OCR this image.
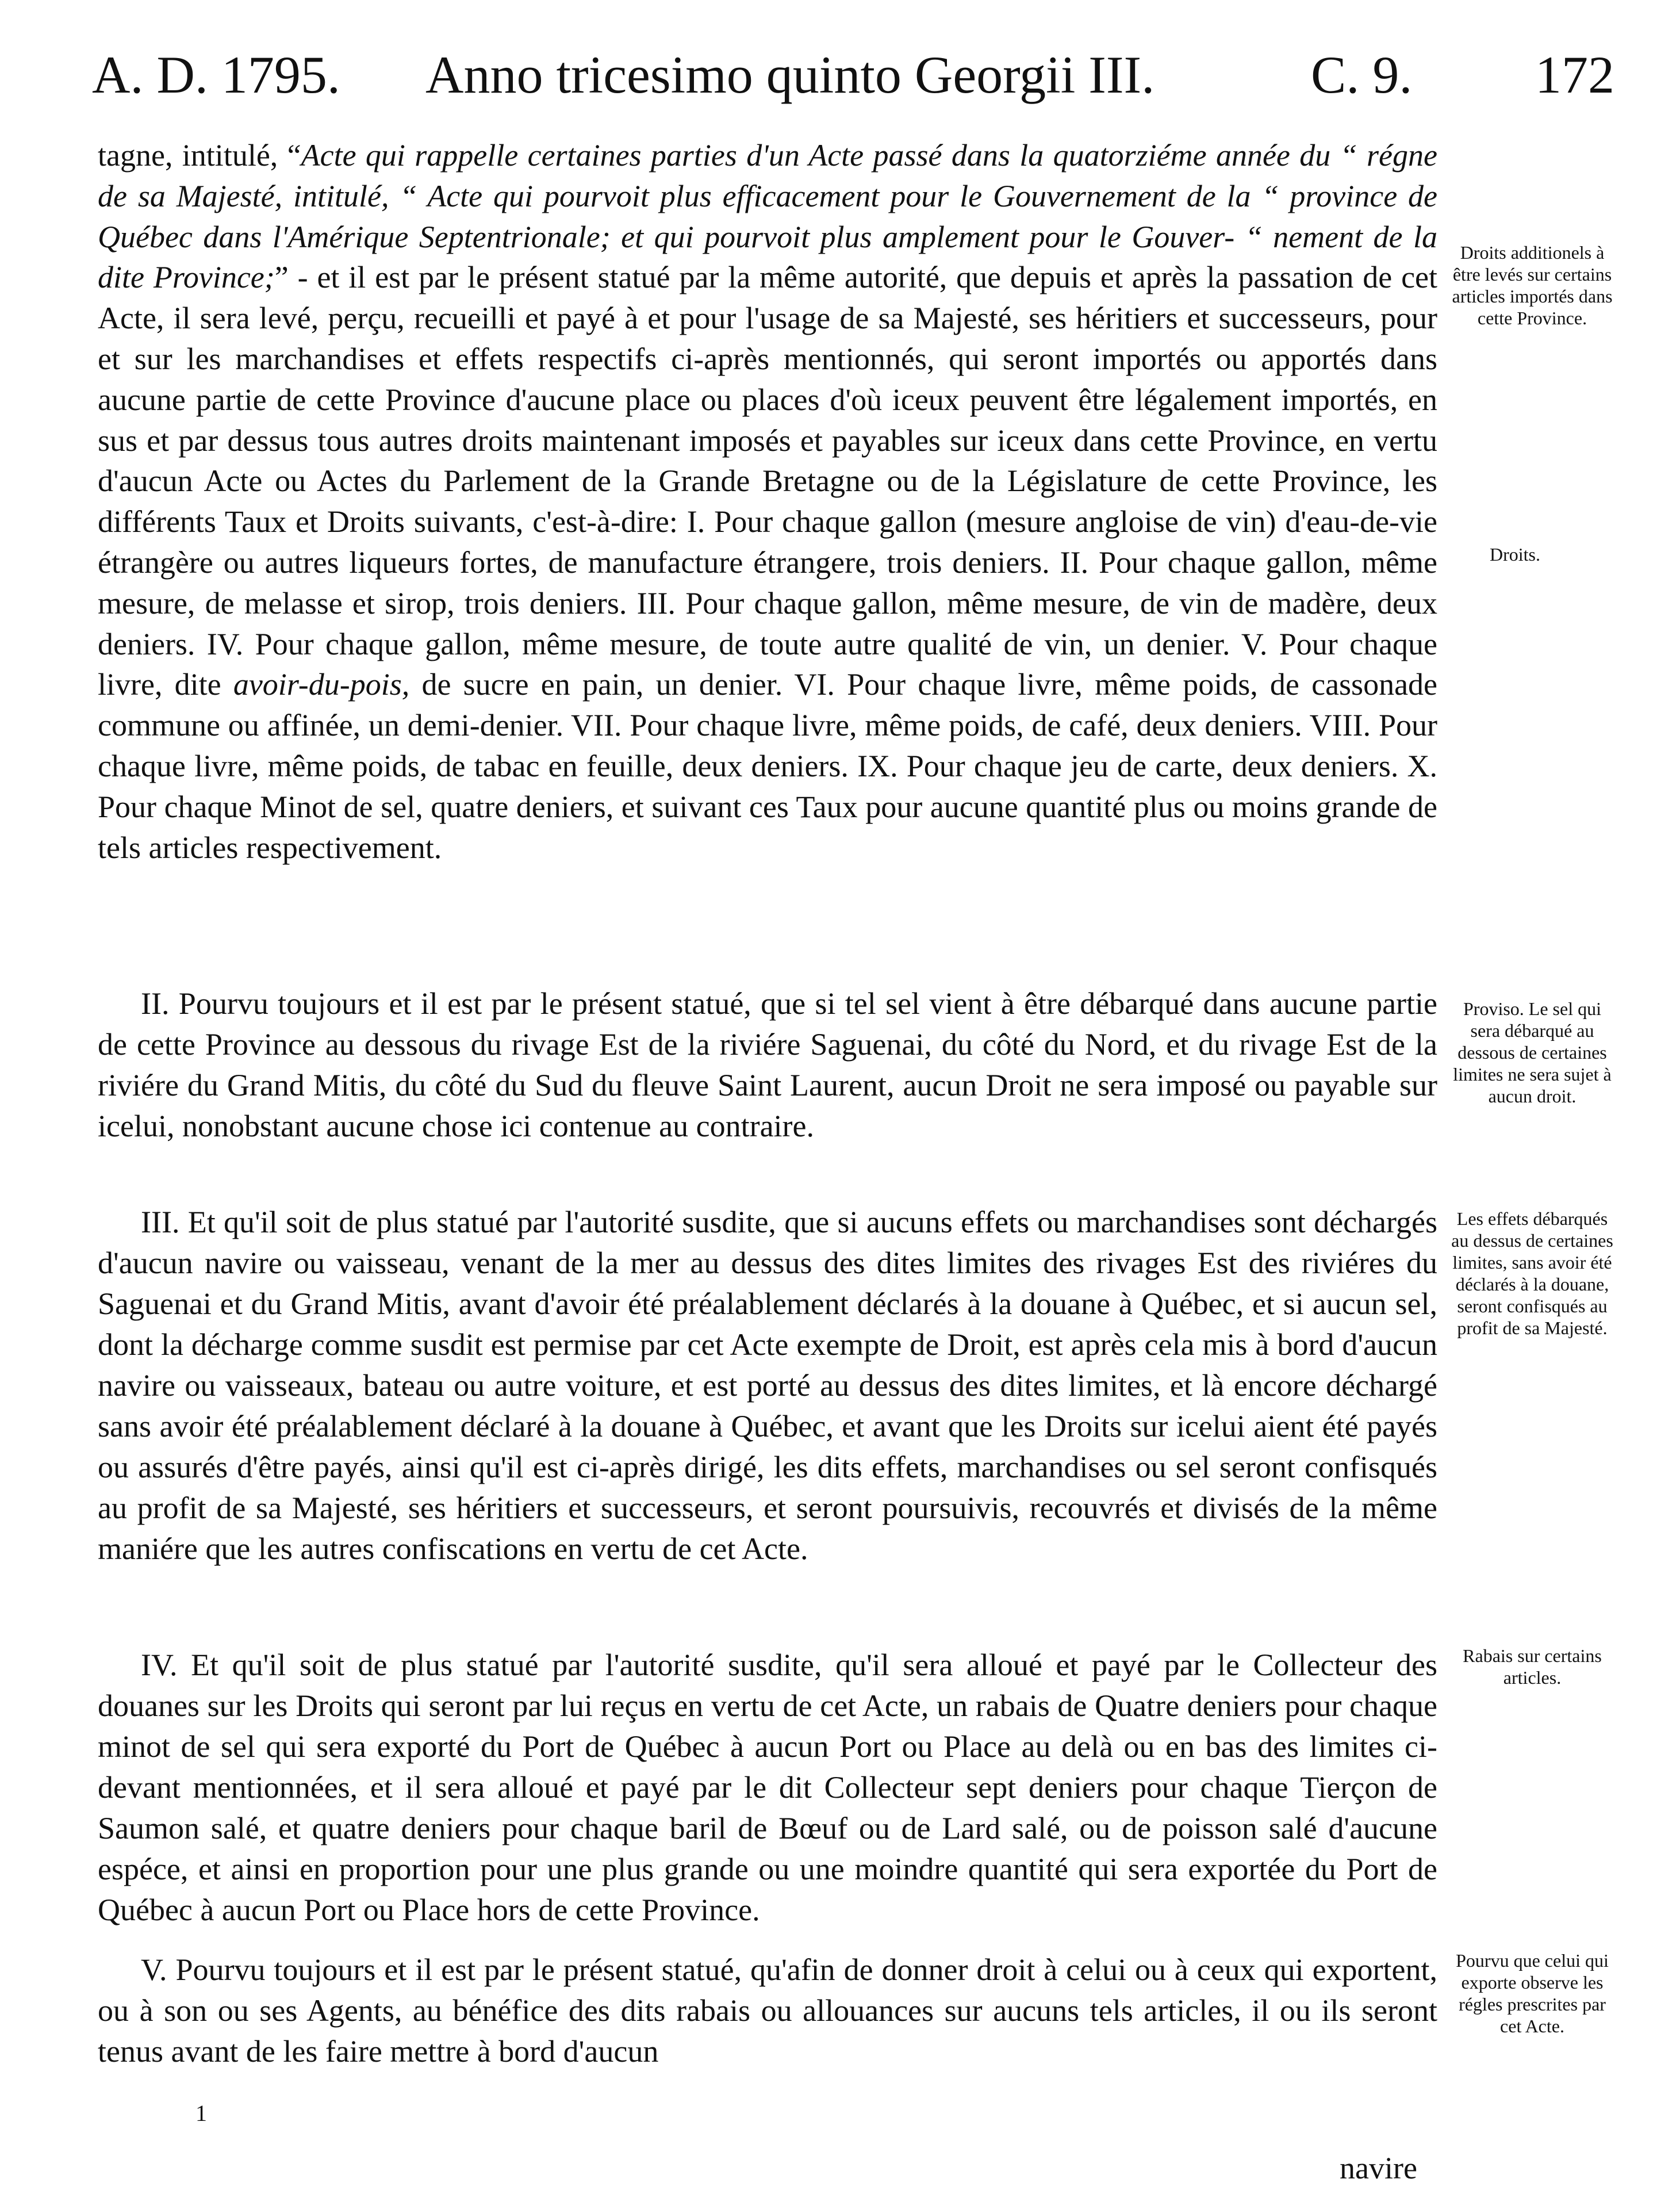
A. D. 1795. Anno tricesimo quinto Georgii III.	C. 9. 172

tagne, intitulé, “Acte qui rappelle certaines parties d'un Acte passé dans la quatorziéme année du “ régne de sa Majesté, intitulé, “ Acte qui pourvoit plus efficacement pour le Gouvernement de la “ province de Québec dans l'Amérique Septentrionale; et qui pourvoit plus amplement pour le Gouver- “ nement de la dite Province;” - et il est par le présent statué par la même autorité, que depuis et après la passation de cet Acte, il sera levé, perçu, recueilli et payé à et pour l'usage de sa Majesté, ses héritiers et successeurs, pour et sur les marchandises et effets respectifs ci-après mentionnés, qui seront importés ou apportés dans aucune partie de cette Province d'aucune place ou places d'où iceux peuvent être légalement importés, en sus et par dessus tous autres droits maintenant imposés et payables sur iceux dans cette Province, en vertu d'aucun Acte ou Actes du Parlement de la Grande Bretagne ou de la Législature de cette Province, les différents Taux et Droits suivants, c'est-à-dire: I. Pour chaque gallon (mesure angloise de vin) d'eau-de-vie étrangère ou autres liqueurs fortes, de manufacture étrangere, trois deniers. II. Pour chaque gallon, même mesure, de melasse et sirop, trois deniers. III. Pour chaque gallon, même mesure, de vin de madère, deux deniers. IV. Pour chaque gallon, même mesure, de toute autre qualité de vin, un denier. V. Pour chaque livre, dite avoir-du-pois, de sucre en pain, un denier. VI. Pour chaque livre, même poids, de cassonade commune ou affinée, un demi-denier. VII. Pour chaque livre, même poids, de café, deux deniers. VIII. Pour chaque livre, même poids, de tabac en feuille, deux deniers. IX. Pour chaque jeu de carte, deux deniers. X. Pour chaque Minot de sel, quatre deniers, et suivant ces Taux pour aucune quantité plus ou moins grande de tels articles respectivement.

II. Pourvu toujours et il est par le présent statué, que si tel sel vient à être débarqué dans aucune partie de cette Province au dessous du rivage Est de la riviére Saguenai, du côté du Nord, et du rivage Est de la riviére du Grand Mitis, du côté du Sud du fleuve Saint Laurent, aucun Droit ne sera imposé ou payable sur icelui, nonobstant aucune chose ici contenue au contraire.

III. Et qu'il soit de plus statué par l'autorité susdite, que si aucuns effets ou marchandises sont déchargés d'aucun navire ou vaisseau, venant de la mer au dessus des dites limites des rivages Est des riviéres du Saguenai et du Grand Mitis, avant d'avoir été préalablement déclarés à la douane à Québec, et si aucun sel, dont la décharge comme susdit est permise par cet Acte exempte de Droit, est après cela mis à bord d'aucun navire ou vaisseaux, bateau ou autre voiture, et est porté au dessus des dites limites, et là encore déchargé sans avoir été préalablement déclaré à la douane à Québec, et avant que les Droits sur icelui aient été payés ou assurés d'être payés, ainsi qu'il est ci-après dirigé, les dits effets, marchandises ou sel seront confisqués au profit de sa Majesté, ses héritiers et successeurs, et seront poursuivis, recouvrés et divisés de la même maniére que les autres confiscations en vertu de cet Acte.

IV. Et qu'il soit de plus statué par l'autorité susdite, qu'il sera alloué et payé par le Collecteur des douanes sur les Droits qui seront par lui reçus en vertu de cet Acte, un rabais de Quatre deniers pour chaque minot de sel qui sera exporté du Port de Québec à aucun Port ou Place au delà ou en bas des limites ci-devant mentionnées, et il sera alloué et payé par le dit Collecteur sept deniers pour chaque Tierçon de Saumon salé, et quatre deniers pour chaque baril de Bœuf ou de Lard salé, ou de poisson salé d'aucune espéce, et ainsi en proportion pour une plus grande ou une moindre quantité qui sera exportée du Port de Québec à aucun Port ou Place hors de cette Province.

V. Pourvu toujours et il est par le présent statué, qu'afin de donner droit à celui ou à ceux qui exportent, ou à son ou ses Agents, au bénéfice des dits rabais ou allouances sur aucuns tels articles, il ou ils seront tenus avant de les faire mettre à bord d'aucun

Droits additionels à être levés sur certains articles importés dans cette Province.
Droits.
Proviso. Le sel qui sera débarqué au dessous de certaines limites ne sera sujet à aucun droit.
Les effets débarqués au dessus de certaines limites, sans avoir été déclarés à la douane, seront confisqués au profit de sa Majesté.
Rabais sur certains articles.
Pourvu que celui qui exporte observe les régles prescrites par cet Acte.
1
navire
